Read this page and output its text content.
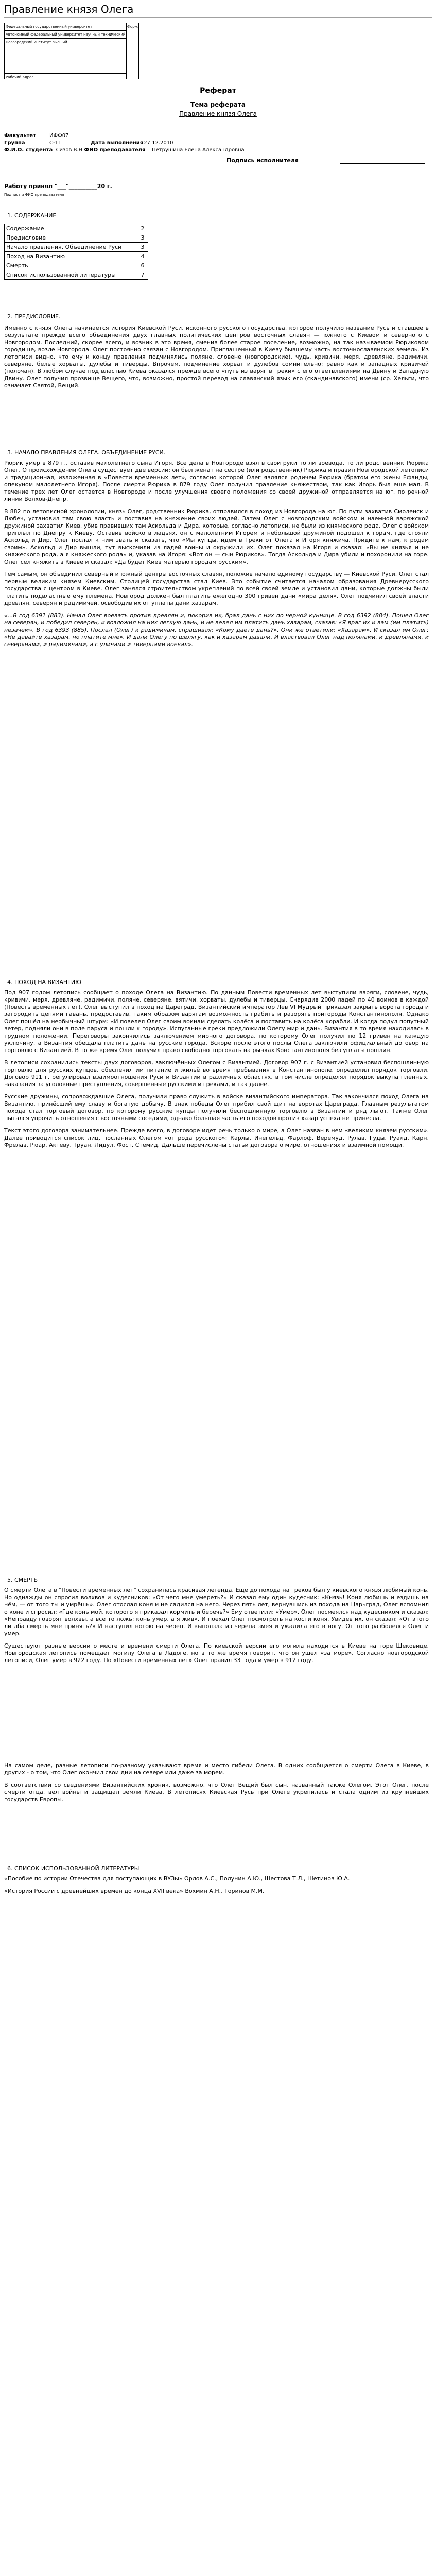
Правление князя Олега
Федеральный государственный университет
Автономный федеральный университет научный технический
Новгородский институт высший
Рабочий адрес:
Форма
Реферат
Тема реферата
Правление князя Олега
Факультет	ИФФ07
Группа	С-11	Дата выполнения 27.12.2010
Ф.И.О. студента Сизов В.Н ФИО преподавателя Петрушина Елена Александровна
Подпись исполнителя
Работу принял "___"__________20 г.
Подпись и ФИО преподавателя
1. СОДЕРЖАНИЕ
Содержание	2
Предисловие	3
Начало правления. Объединение Руси	3
Поход на Византию	4
Смерть	6
Список использованной литературы	7
2. ПРЕДИСЛОВИЕ.

Именно с князя Олега начинается история Киевской Руси, исконного русского государства, которое получило название Русь и ставшее в результате прежде всего объединения двух главных политических центров восточных славян — южного с Киевом и северного с Новгородом. Последний, скорее всего, и возник в это время, сменив более старое поселение, возможно, на так называемом Рюриковом городище, возле Новгорода. Олег постоянно связан с Новгородом. Приглашенный в Киеву бывшему часть восточнославянских земель. Из летописи видно, что ему к концу правления подчинялись поляне, словене (новгородские), чудь, кривичи, меря, древляне, радимичи, северяне, белые хорваты, дулебы и тиверцы. Впрочем, подчинение хорват и дулебов сомнительно; равно как и западных кривичей (полочан). В любом случае под властью Киева оказался прежде всего «путь из варяг в греки» с его ответвлениями на Двину и Западную Двину. Олег получил прозвище Вещего, что, возможно, простой перевод на славянский язык его (скандинавского) имени (ср. Хельги, что означает Святой, Вещий.

3. НАЧАЛО ПРАВЛЕНИЯ ОЛЕГА. ОБЪЕДИНЕНИЕ РУСИ.

Рюрик умер в 879 г., оставив малолетнего сына Игоря. Все дела в Новгороде взял в свои руки то ли воевода, то ли родственник Рюрика Олег. О происхождении Олега существует две версии: он был женат на сестре (или родственник) Рюрика и правил Новгородской летописи и традиционная, изложенная в «Повести временных лет», согласно которой Олег являлся родичем Рюрика (братом его жены Ефанды, опекуном малолетнего Игоря). После смерти Рюрика в 879 году Олег получил правление княжеством, так как Игорь был еще мал. В течение трех лет Олег остается в Новгороде и после улучшения своего положения со своей дружиной отправляется на юг, по речной линии Волхов-Днепр.

В 882 по летописной хронологии, князь Олег, родственник Рюрика, отправился в поход из Новгорода на юг. По пути захватив Смоленск и Любеч, установил там свою власть и поставив на княжение своих людей. Затем Олег с новгородским войском и наемной варяжской дружиной захватил Киев, убив правивших там Аскольда и Дира, которые, согласно летописи, не были из княжеского рода. Олег с войском приплыл по Днепру к Киеву. Оставив войско в ладьях, он с малолетним Игорем и небольшой дружиной подошёл к горам, где стояли Аскольд и Дир. Олег послал к ним звать и сказать, что «Мы купцы, идем в Греки от Олега и Игоря княжича. Придите к нам, к родам своим». Аскольд и Дир вышли, тут выскочили из ладей воины и окружили их. Олег показал на Игоря и сказал: «Вы не князья и не княжеского рода, а я княжеского рода» и, указав на Игоря: «Вот он — сын Рюриков». Тогда Аскольда и Дира убили и похоронили на горе. Олег сел княжить в Киеве и сказал: «Да будет Киев матерью городам русским».

Тем самым, он объединил северный и южный центры восточных славян, положив начало единому государству — Киевской Руси. Олег стал первым великим князем Киевским. Столицей государства стал Киев. Это событие считается началом образования Древнерусского государства с центром в Киеве. Олег занялся строительством укреплений по всей своей земле и установил дани, которые должны были платить подвластные ему племена. Новгород должен был платить ежегодно 300 гривен дани «мира деля». Олег подчинил своей власти древлян, северян и радимичей, освободив их от уплаты дани хазарам.

«...В год 6391 (883). Начал Олег воевать против древлян и, покорив их, брал дань с них по черной куннице. В год 6392 (884). Пошел Олег на северян, и победил северян, и возложил на них легкую дань, и не велел им платить дань хазарам, сказав: «Я враг их и вам (им платить) незачем». В год 6393 (885). Послал (Олег) к радимичам, спрашивая: «Кому даете дань?». Они же ответили: «Хазарам». И сказал им Олег: «Не давайте хазарам, но платите мне». И дали Олегу по щелягу, как и хазарам давали. И властвовал Олег над полянами, и древлянами, и северянами, и радимичами, а с уличами и тиверцами воевал».

4. ПОХОД НА ВИЗАНТИЮ

Под 907 годом летопись сообщает о походе Олега на Византию. По данным Повести временных лет выступили варяги, словене, чудь, кривичи, меря, древляне, радимичи, поляне, северяне, вятичи, хорваты, дулебы и тиверцы. Снарядив 2000 ладей по 40 воинов в каждой (Повесть временных лет), Олег выступил в поход на Цареград. Византийский император Лев VI Мудрый приказал закрыть ворота города и загородить цепями гавань, предоставив, таким образом варягам возможность грабить и разорять пригороды Константинополя. Однако Олег пошёл на необычный штурм: «И повелел Олег своим воинам сделать колёса и поставить на колёса корабли. И когда подул попутный ветер, подняли они в поле паруса и пошли к городу». Испуганные греки предложили Олегу мир и дань. Византия в то время находилась в трудном положении. Переговоры закончились заключением мирного договора, по которому Олег получил по 12 гривен на каждую уключину, а Византия обещала платить дань на русские города. Вскоре после этого послы Олега заключили официальный договор на торговлю с Византией. В то же время Олег получил право свободно торговать на рынках Константинополя без уплаты пошлин.

В летописи сохранились тексты двух договоров, заключённых Олегом с Византией. Договор 907 г. с Византией установил беспошлинную торговлю для русских купцов, обеспечил им питание и жильё во время пребывания в Константинополе, определил порядок торговли. Договор 911 г. регулировал взаимоотношения Руси и Византии в различных областях, в том числе определял порядок выкупа пленных, наказания за уголовные преступления, совершённые русскими и греками, и так далее.

Русские дружины, сопровождавшие Олега, получили право служить в войске византийского императора. Так закончился поход Олега на Византию, принёсший ему славу и богатую добычу. В знак победы Олег прибил свой щит на воротах Цареграда. Главным результатом похода стал торговый договор, по которому русские купцы получили беспошлинную торговлю в Византии и ряд льгот. Также Олег пытался упрочить отношения с восточными соседями, однако большая часть его походов против хазар успеха не принесла.

Текст этого договора занимательнее. Прежде всего, в договоре идет речь только о мире, а Олег назван в нем «великим князем русским». Далее приводится список лиц, посланных Олегом «от рода русского»: Карлы, Инегельд, Фарлоф, Веремуд, Рулав, Гуды, Руалд, Карн, Фрелав, Рюар, Актеву, Труан, Лидул, Фост, Стемид. Дальше перечислены статьи договора о мире, отношениях и взаимной помощи.

5. СМЕРТЬ

О смерти Олега в "Повести временных лет" сохранилась красивая легенда. Еще до похода на греков был у киевского князя любимый конь. Но однажды он спросил волхвов и кудесников: «От чего мне умереть?» И сказал ему один кудесник: «Князь! Коня любишь и ездишь на нём, — от того ты и умрёшь». Олег отослал коня и не садился на него. Через пять лет, вернувшись из похода на Царьград, Олег вспомнил о коне и спросил: «Где конь мой, которого я приказал кормить и беречь?» Ему ответили: «Умер». Олег посмеялся над кудесником и сказал: «Неправду говорят волхвы, а всё то ложь: конь умер, а я жив». И поехал Олег посмотреть на кости коня. Увидев их, он сказал: «От этого ли лба смерть мне принять?» И наступил ногою на череп. И выползла из черепа змея и ужалила его в ногу. От того разболелся Олег и умер.

Существуют разные версии о месте и времени смерти Олега. По киевской версии его могила находится в Киеве на горе Щековице. Новгородская летопись помещает могилу Олега в Ладоге, но в то же время говорит, что он ушел «за море». Согласно новгородской летописи, Олег умер в 922 году. По «Повести временных лет» Олег правил 33 года и умер в 912 году.

На самом деле, разные летописи по-разному указывают время и место гибели Олега. В одних сообщается о смерти Олега в Киеве, в других - о том, что Олег окончил свои дни на севере или даже за морем.

В соответствии со сведениями Византийских хроник, возможно, что Олег Вещий был сын, названный также Олегом. Этот Олег, после смерти отца, вел войны и защищал земли Киева. В летописях Киевская Русь при Олеге укрепилась и стала одним из крупнейших государств Европы.

6. СПИСОК ИСПОЛЬЗОВАННОЙ ЛИТЕРАТУРЫ

«Пособие по истории Отечества для поступающих в ВУЗы» Орлов А.С., Полунин А.Ю., Шестова Т.Л., Шетинов Ю.А.

«История России с древнейших времен до конца XVII века» Вохмин А.Н., Горинов М.М.
